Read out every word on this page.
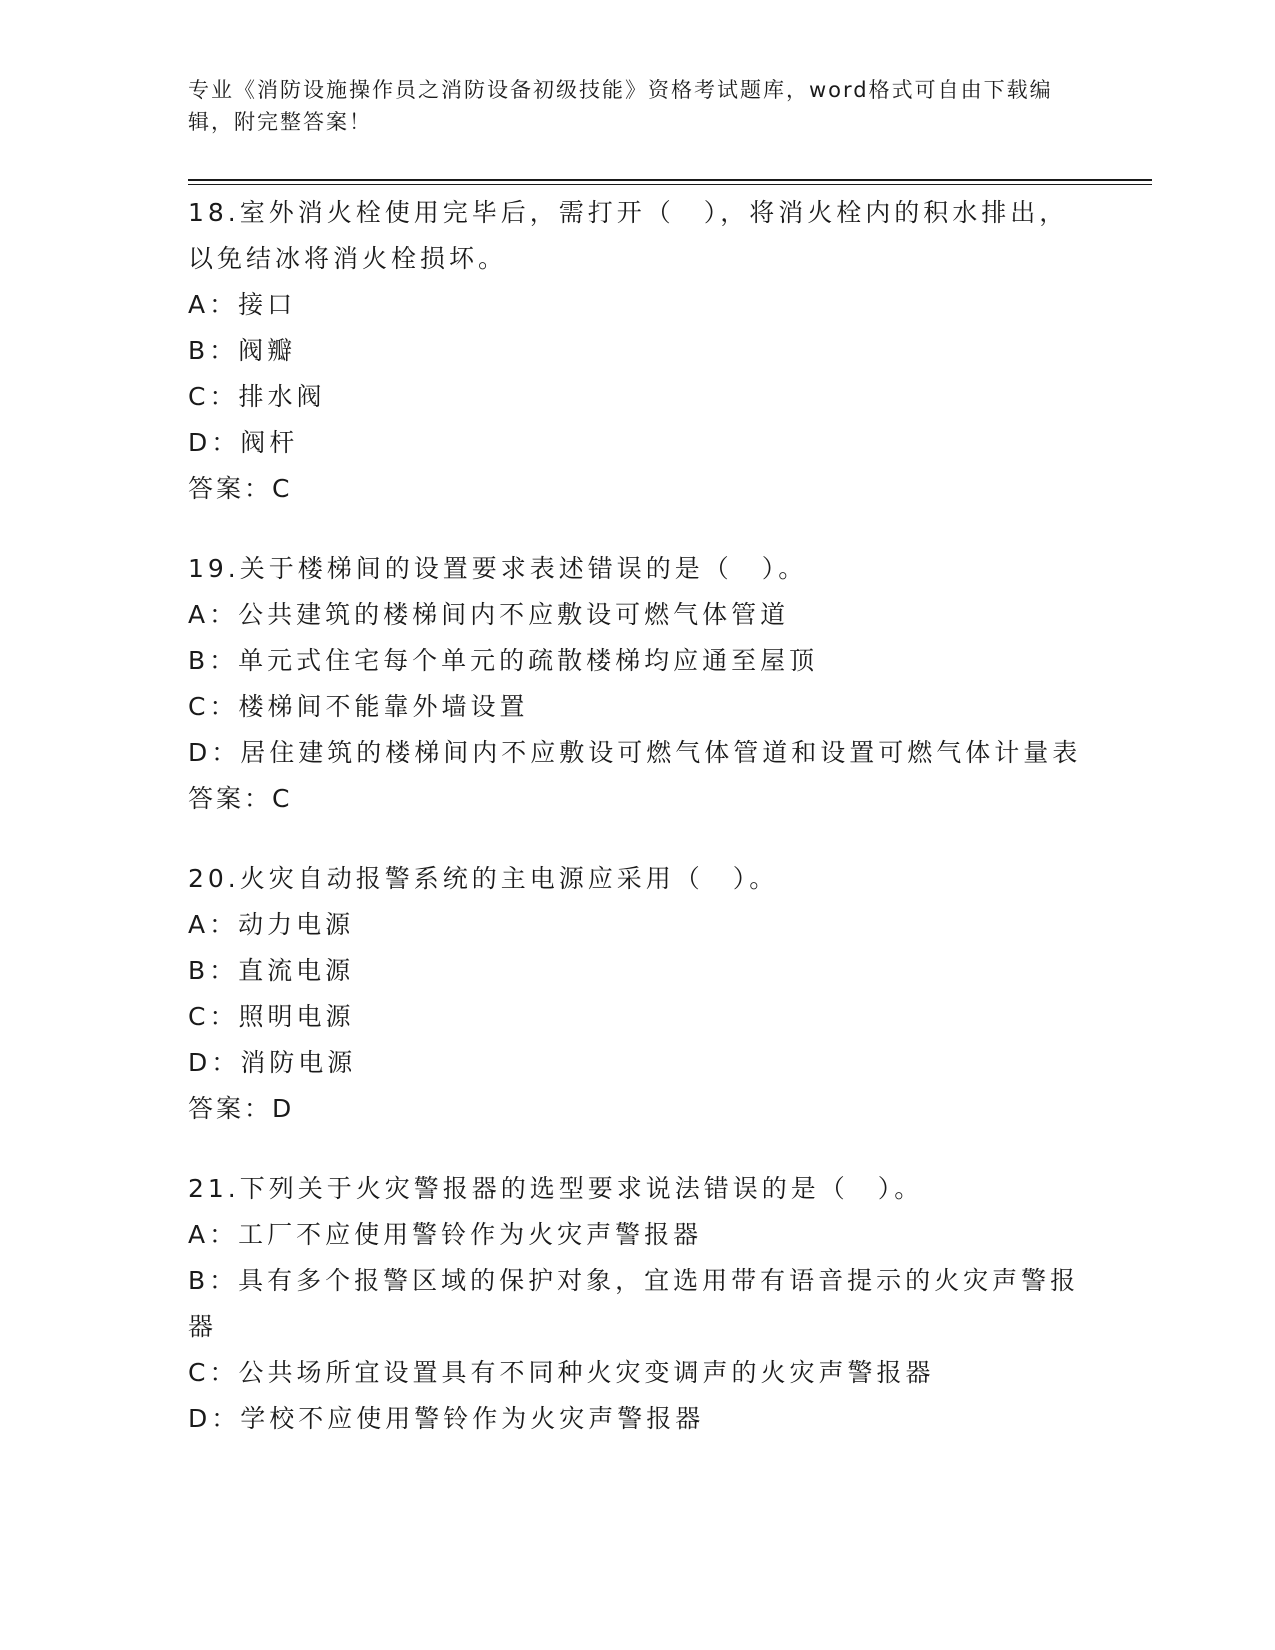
专业《消防设施操作员之消防设备初级技能》资格考试题库，word格式可自由下载编辑，附完整答案！
18.室外消火栓使用完毕后，需打开（　），将消火栓内的积水排出，以免结冰将消火栓损坏。
A：接口
B：阀瓣
C：排水阀
D：阀杆
答案：C
19.关于楼梯间的设置要求表述错误的是（　）。
A：公共建筑的楼梯间内不应敷设可燃气体管道
B：单元式住宅每个单元的疏散楼梯均应通至屋顶
C：楼梯间不能靠外墙设置
D：居住建筑的楼梯间内不应敷设可燃气体管道和设置可燃气体计量表
答案：C
20.火灾自动报警系统的主电源应采用（　）。
A：动力电源
B：直流电源
C：照明电源
D：消防电源
答案：D
21.下列关于火灾警报器的选型要求说法错误的是（　）。
A：工厂不应使用警铃作为火灾声警报器
B：具有多个报警区域的保护对象，宜选用带有语音提示的火灾声警报器
C：公共场所宜设置具有不同种火灾变调声的火灾声警报器
D：学校不应使用警铃作为火灾声警报器
